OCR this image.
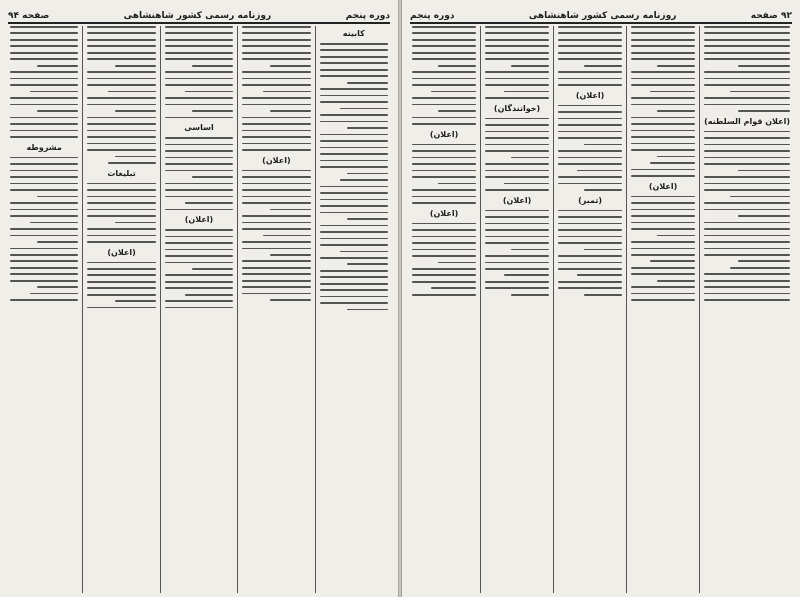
دوره پنجم
روزنامه رسمی کشور شاهنشاهی
صفحه ۹۴
کابینه
(اعلان)
اساسی
(اعلان)
تبلیغات
(اعلان)
مشروطه
۹۲ صفحه
روزنامه رسمی کشور شاهنشاهی
دوره پنجم
(اعلان قوام السلطنه)
(اعلان)
(اعلان)
(تمبر)
(خوانندگان)
(اعلان)
(اعلان)
(اعلان)
